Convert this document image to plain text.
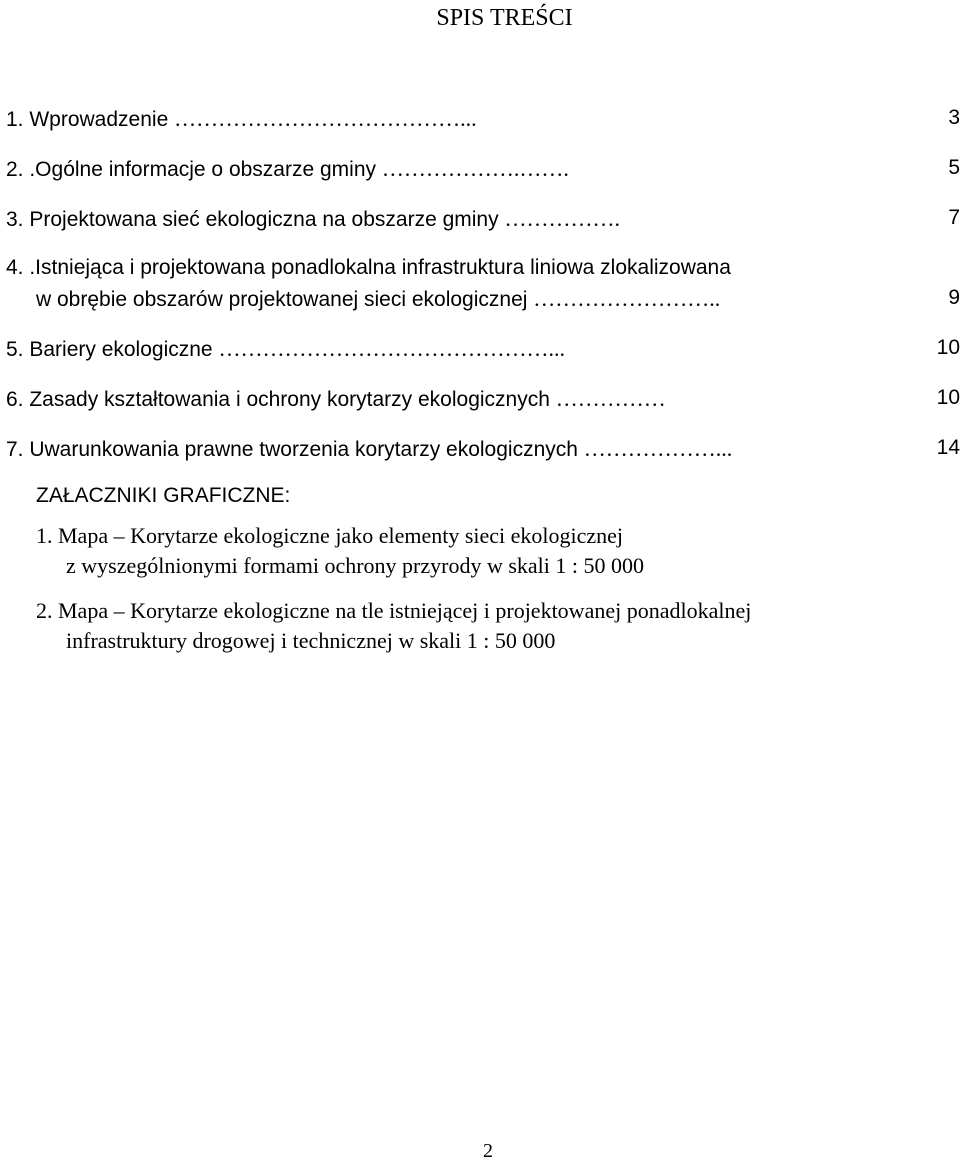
SPIS TREŚCI
1. Wprowadzenie …………………………………...	3
2. .Ogólne informacje o obszarze gminy ……………….…….	5
3. Projektowana sieć ekologiczna na obszarze gminy …………….	7
4. .Istniejąca i projektowana ponadlokalna infrastruktura liniowa zlokalizowana
w obrębie obszarów projektowanej sieci ekologicznej ……………………..	9
5. Bariery ekologiczne ………………………………………...	10
6. Zasady kształtowania i ochrony korytarzy ekologicznych ……………	10
7. Uwarunkowania prawne tworzenia korytarzy ekologicznych ………………...	14
ZAŁACZNIKI GRAFICZNE:
1. Mapa – Korytarze ekologiczne jako elementy sieci ekologicznej
z wyszególnionymi formami ochrony przyrody w skali 1 : 50 000
2. Mapa – Korytarze ekologiczne na tle istniejącej i projektowanej ponadlokalnej
infrastruktury drogowej i technicznej w skali 1 : 50 000
2
